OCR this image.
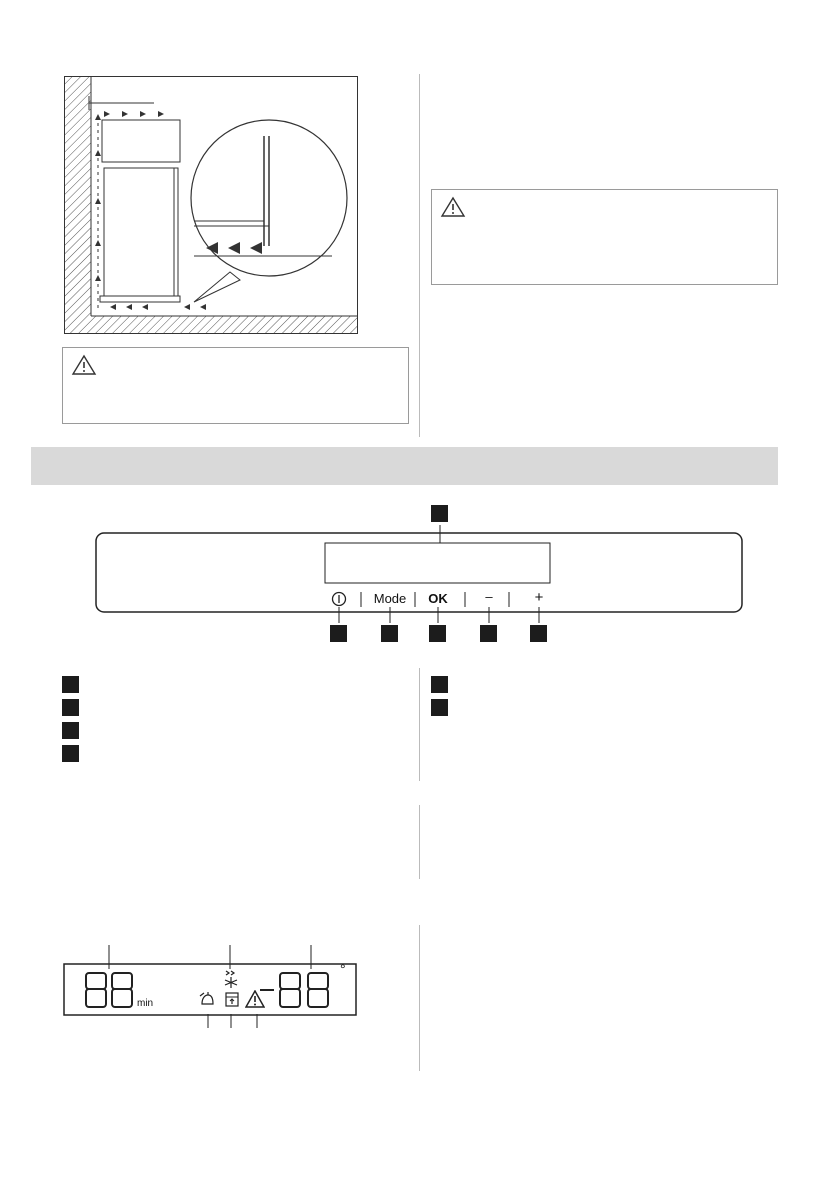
Mode	OK	–	+
min
°
